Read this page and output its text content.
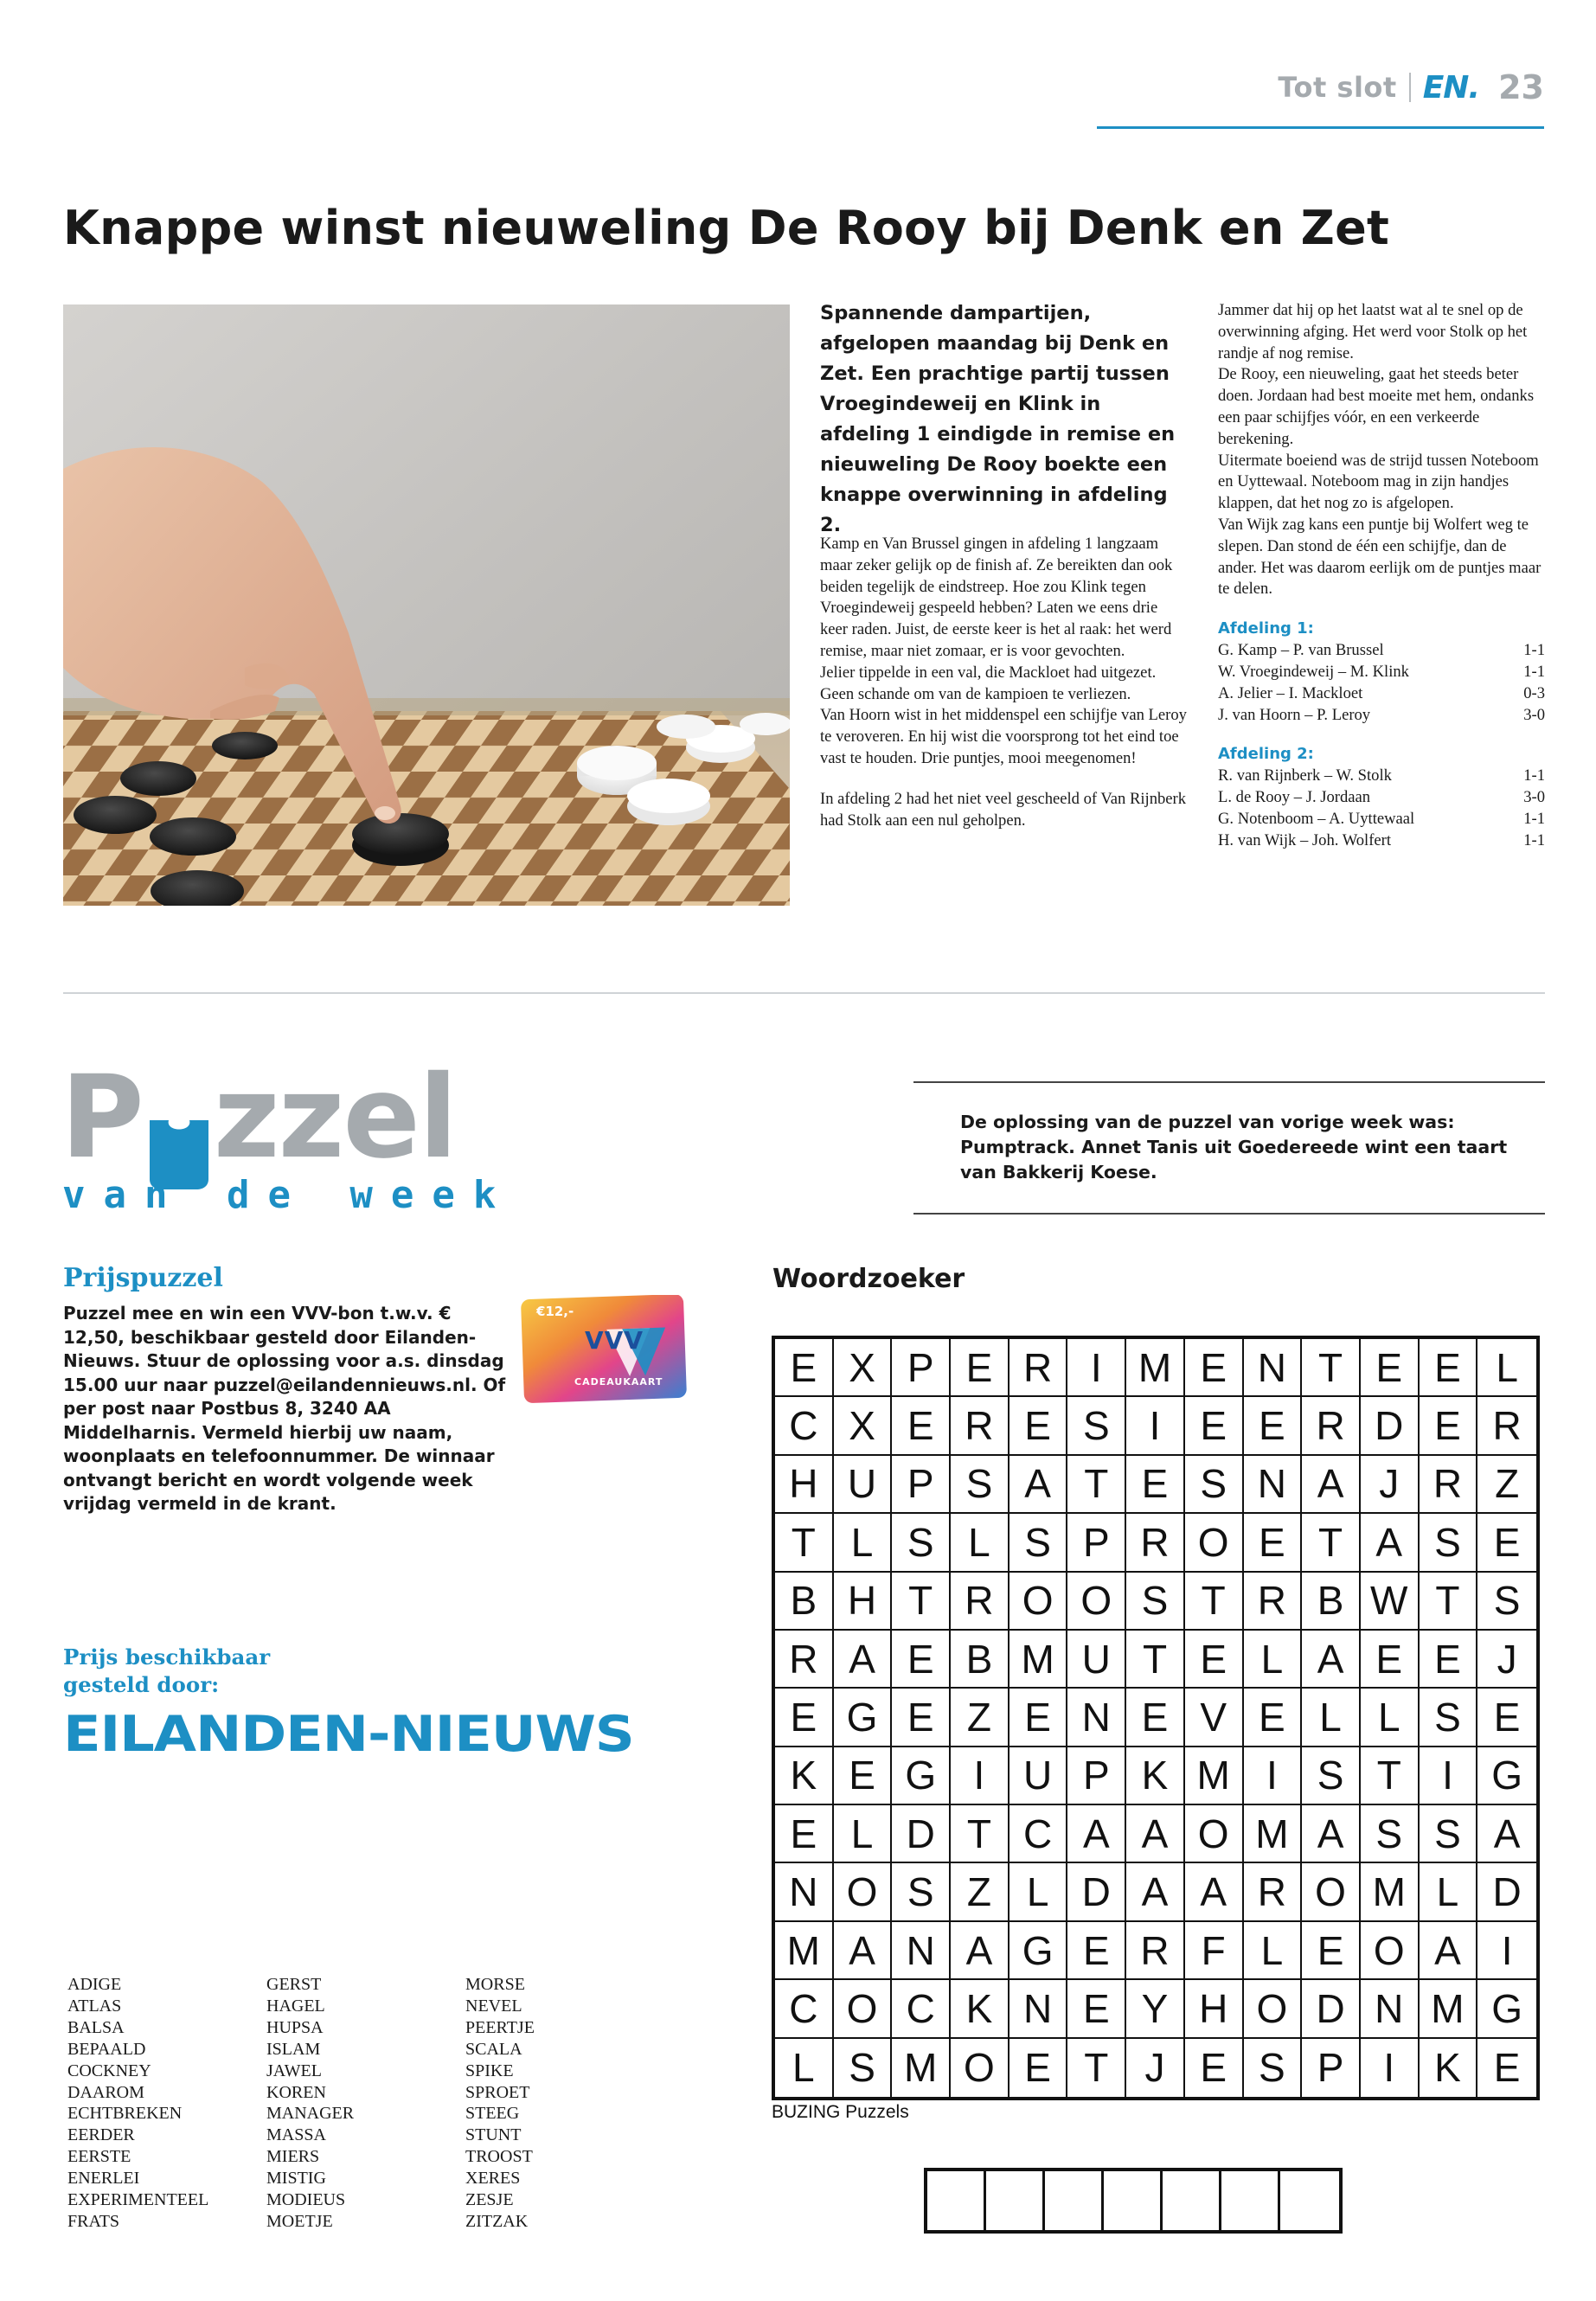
Tot slot EN. 23
Knappe winst nieuweling De Rooy bij Denk en Zet
Spannende dampartijen, afgelopen maandag bij Denk en Zet. Een prachtige partij tussen Vroegindeweij en Klink in afdeling 1 eindigde in remise en nieuweling De Rooy boekte een knappe overwinning in afdeling 2.

Kamp en Van Brussel gingen in afdeling 1 langzaam maar zeker gelijk op de finish af. Ze bereikten dan ook beiden tegelijk de eindstreep. Hoe zou Klink tegen Vroegindeweij gespeeld hebben? Laten we eens drie keer raden. Juist, de eerste keer is het al raak: het werd remise, maar niet zomaar, er is voor gevochten.

Jelier tippelde in een val, die Mackloet had uitgezet. Geen schande om van de kampioen te verliezen.

Van Hoorn wist in het middenspel een schijfje van Leroy te veroveren. En hij wist die voorsprong tot het eind toe vast te houden. Drie puntjes, mooi meegenomen!

In afdeling 2 had het niet veel gescheeld of Van Rijnberk had Stolk aan een nul geholpen.

Jammer dat hij op het laatst wat al te snel op de overwinning afging. Het werd voor Stolk op het randje af nog remise.

De Rooy, een nieuweling, gaat het steeds beter doen. Jordaan had best moeite met hem, ondanks een paar schijfjes vóór, en een verkeerde berekening.

Uitermate boeiend was de strijd tussen Noteboom en Uyttewaal. Noteboom mag in zijn handjes klappen, dat het nog zo is afgelopen.

Van Wijk zag kans een puntje bij Wolfert weg te slepen. Dan stond de één een schijfje, dan de ander. Het was daarom eerlijk om de puntjes maar te delen.

Afdeling 1:
G. Kamp – P. van Brussel	1-1
W. Vroegindeweij – M. Klink	1-1
A. Jelier – I. Mackloet	0-3
J. van Hoorn – P. Leroy	3-0
Afdeling 2:
R. van Rijnberk – W. Stolk	1-1
L. de Rooy – J. Jordaan	3-0
G. Notenboom – A. Uyttewaal	1-1
H. van Wijk – Joh. Wolfert	1-1
P zzel
van de week
De oplossing van de puzzel van vorige week was: Pumptrack. Annet Tanis uit Goedereede wint een taart van Bakkerij Koese.
Prijspuzzel
Puzzel mee en win een VVV-bon t.w.v. € 12,50, beschikbaar gesteld door Eilanden-Nieuws. Stuur de oplossing voor a.s. dinsdag 15.00 uur naar puzzel@eilandennieuws.nl. Of per post naar Postbus 8, 3240 AA Middelharnis. Vermeld hierbij uw naam, woonplaats en telefoonnummer. De winnaar ontvangt bericht en wordt volgende week vrijdag vermeld in de krant.
€12,-
VVV
CADEAUKAART
Prijs beschikbaar
gesteld door:
EILANDEN-NIEUWS
ADIGE
ATLAS
BALSA
BEPAALD
COCKNEY
DAAROM
ECHTBREKEN
EERDER
EERSTE
ENERLEI
EXPERIMENTEEL
FRATS
GERST
HAGEL
HUPSA
ISLAM
JAWEL
KOREN
MANAGER
MASSA
MIERS
MISTIG
MODIEUS
MOETJE
MORSE
NEVEL
PEERTJE
SCALA
SPIKE
SPROET
STEEG
STUNT
TROOST
XERES
ZESJE
ZITZAK
Woordzoeker
E X P E R I M E N T E E L
C X E R E S I E E R D E R
H U P S A T E S N A J R Z
T L S L S P R O E T A S E
B H T R O O S T R B W T S
R A E B M U T E L A E E J
E G E Z E N E V E L L S E
K E G I U P K M I S T	I G
E L D T C A A O M A S S A
N O S Z L D A A R O M L D
M A N A G E R F L E O A	I
C O C K N E Y H O D N M G
L S M O E T J E S P I K E
BUZING Puzzels
